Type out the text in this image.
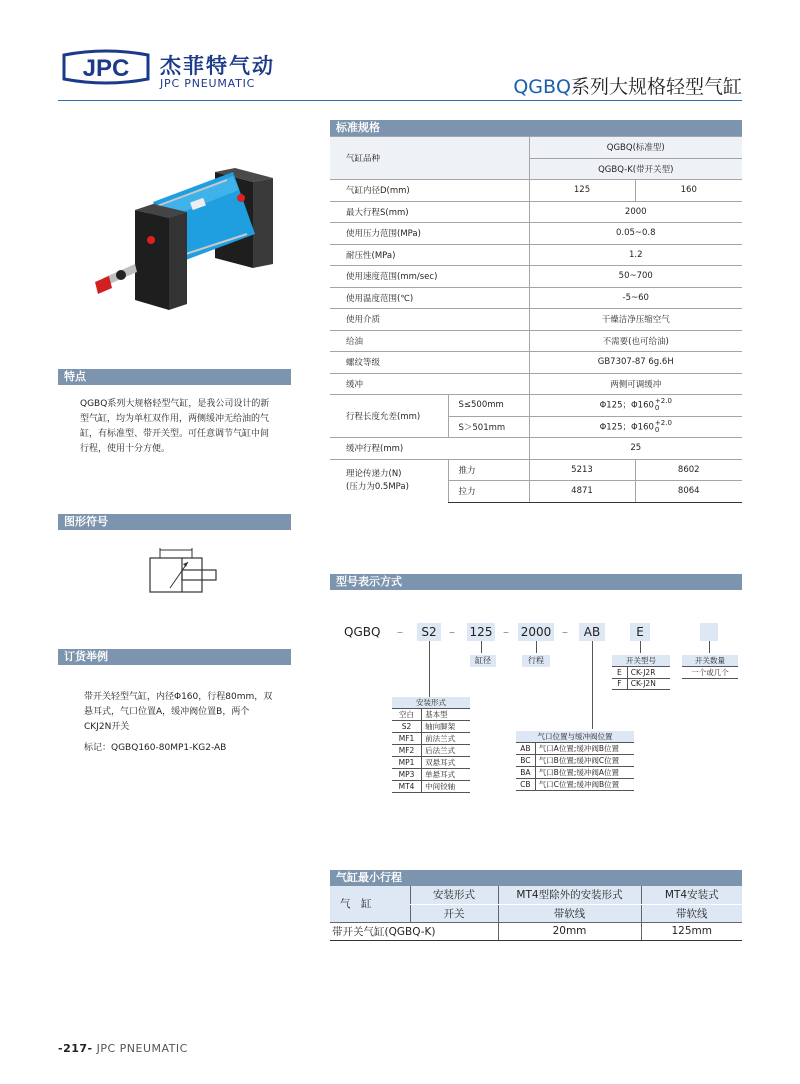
JPC 杰菲特气动
JPC PNEUMATIC	QGBQ系列大规格轻型气缸
特点
QGBQ系列大规格轻型气缸，是我公司设计的新型气缸，均为单杠双作用，两侧缓冲无给油的气缸，有标准型、带开关型。可任意调节气缸中间行程，使用十分方便。
图形符号
订货举例
带开关轻型气缸，内径Φ160，行程80mm，双悬耳式，气口位置A，缓冲阀位置B，两个CKJ2N开关
标记：QGBQ160-80MP1-KG2-AB
标准规格
气缸品种		QGBQ(标准型)	
		QGBQ-K(带开关型)	
气缸内径D(mm)		125	160
最大行程S(mm)		2000	
使用压力范围(MPa)		0.05~0.8	
耐压性(MPa)		1.2	
使用速度范围(mm/sec)		50~700	
使用温度范围(℃)		-5~60	
使用介质		干燥洁净压缩空气	
给油		不需要(也可给油)	
螺纹等级		GB7307-87 6g.6H	
缓冲		两侧可调缓冲	
行程长度允差(mm)	S≤500mm	Φ125；Φ160+2.0
0	
	S＞501mm	Φ125；Φ160+2.0
0	
缓冲行程(mm)		25	
理论传递力(N)
(压力为0.5MPa)	推力	5213	8602
	拉力	4871	8064
型号表示方式
QGBQ –	S2	– 125 – 2000 –	AB	E
缸径	行程	开关型号	
E	CK-J2R
F	CK-J2N
开关数量
一个或几个
安装形式	
空白	基本型
S2	轴向脚架
MF1	前法兰式
MF2	后法兰式
MP1	双悬耳式
MP3	单悬耳式
MT4	中间铰轴
气口位置与缓冲阀位置	
AB	气口A位置;缓冲阀B位置
BC	气口B位置;缓冲阀C位置
BA	气口B位置;缓冲阀A位置
CB	气口C位置;缓冲阀B位置
气缸最小行程
气　缸	安装形式	MT4型除外的安装形式	MT4安装式
	开关	带软线	带软线
带开关气缸(QGBQ-K)		20mm	125mm
-217- JPC PNEUMATIC
